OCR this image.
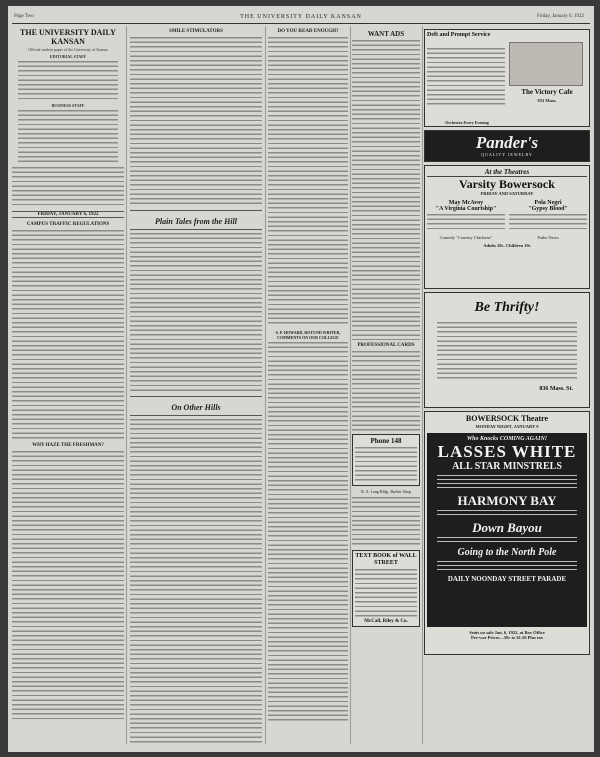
Page Two	THE UNIVERSITY DAILY KANSAN	Friday, January 6, 1922
THE UNIVERSITY DAILY KANSAN
Official student paper of the University of Kansas
EDITORIAL STAFF
BUSINESS STAFF
FRIDAY, JANUARY 6, 1922
CAMPUS TRAFFIC REGULATIONS
WHY HAZE THE FRESHMAN?
SMILE STIMULATORS
Plain Tales from the Hill
On Other Hills
DO YOU READ ENOUGH?
S. P. HOWARD, ROTUND WRITER, COMMENTS ON OUR COLLEGE
WANT ADS
PROFESSIONAL CARDS
Phone 148
R. A. Long Bldg., Barber Shop
TEXT BOOK of WALL STREET
McCall, Riley & Co.
Deft and Prompt Service
The Victory Cafe
933 Mass.
Orchestra Every Evening
Pander's
QUALITY JEWELRY
At the Theatres
Varsity Bowersock
FRIDAY AND SATURDAY
May McAvoy
"A Virginia Courtship"
Pola Negri
"Gypsy Blood"
Comedy "Country Chickens"	Pathe News
Adults 20c. Children 10c
Be Thrifty!
836 Mass. St.
BOWERSOCK Theatre
MONDAY NIGHT, JANUARY 9
Who Knocks COMING AGAIN!
LASSES WHITE
ALL STAR MINSTRELS
HARMONY BAY
Down Bayou
Going to the North Pole
DAILY NOONDAY STREET PARADE
Seats on sale Jan. 6, 1922, at Box Office
Pre-war Prices—50c to $1.50 Plus tax
